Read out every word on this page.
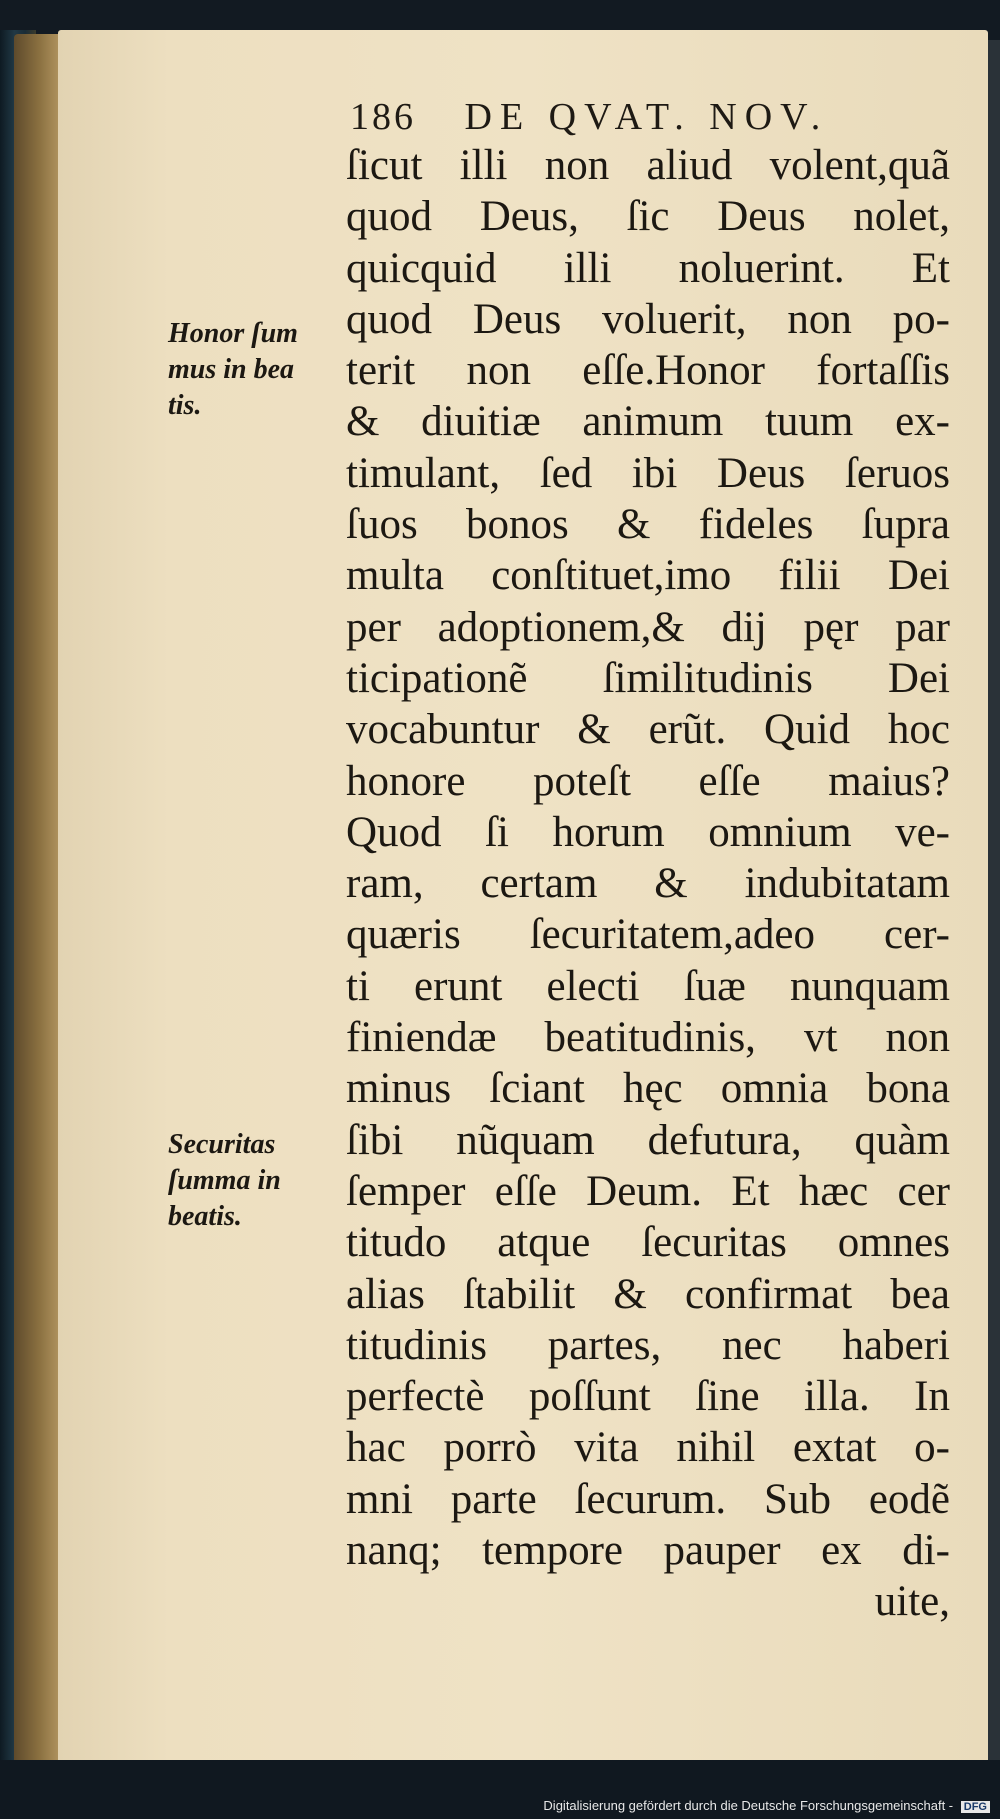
186 DE QVAT. NOV.
Honor ſum
mus in bea
tis.
Securitas
ſumma in
beatis.
ſicut illi non aliud volent,quã
quod Deus, ſic Deus nolet,
quicquid illi noluerint. Et
quod Deus voluerit, non po-
terit non eſſe.Honor fortaſſis
& diuitiæ animum tuum ex-
timulant, ſed ibi Deus ſeruos
ſuos bonos & fideles ſupra
multa conſtituet,imo filii Dei
per adoptionem,& dij pęr par
ticipationẽ ſimilitudinis Dei
vocabuntur & erũt. Quid hoc
honore poteſt eſſe maius?
Quod ſi horum omnium ve-
ram, certam & indubitatam
quæris ſecuritatem,adeo cer-
ti erunt electi ſuæ nunquam
finiendæ beatitudinis, vt non
minus ſciant hęc omnia bona
ſibi nũquam defutura, quàm
ſemper eſſe Deum. Et hæc cer
titudo atque ſecuritas omnes
alias ſtabilit & confirmat bea
titudinis partes, nec haberi
perfectè poſſunt ſine illa. In
hac porrò vita nihil extat o-
mni parte ſecurum. Sub eodẽ
nanq; tempore pauper ex di-
uite,
Digitalisierung gefördert durch die Deutsche Forschungsgemeinschaft - DFG
